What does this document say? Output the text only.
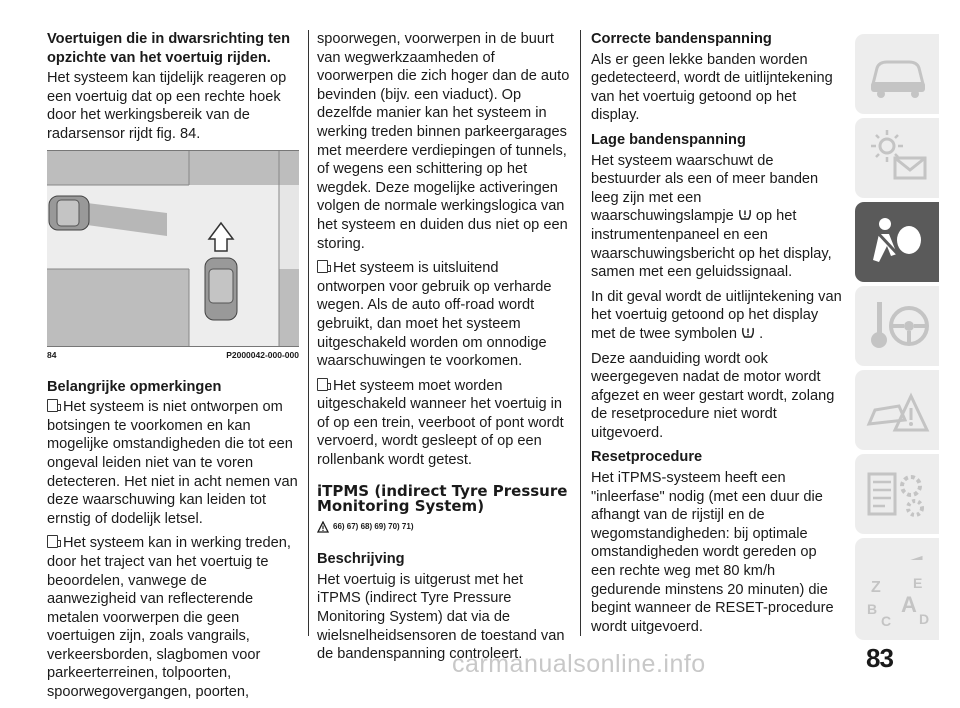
Voertuigen die in dwarsrichting ten opzichte van het voertuig rijden.

Het systeem kan tijdelijk reageren op een voertuig dat op een rechte hoek door het werkingsbereik van de radarsensor rijdt fig. 84.

84	P2000042-000-000
Belangrijke opmerkingen

Het systeem is niet ontworpen om botsingen te voorkomen en kan mogelijke omstandigheden die tot een ongeval leiden niet van te voren detecteren. Het niet in acht nemen van deze waarschuwing kan leiden tot ernstig of dodelijk letsel.

Het systeem kan in werking treden, door het traject van het voertuig te beoordelen, vanwege de aanwezigheid van reflecterende metalen voorwerpen die geen voertuigen zijn, zoals vangrails, verkeersborden, slagbomen voor parkeerterreinen, tolpoorten, spoorwegovergangen, poorten,

spoorwegen, voorwerpen in de buurt van wegwerkzaamheden of voorwerpen die zich hoger dan de auto bevinden (bijv. een viaduct). Op dezelfde manier kan het systeem in werking treden binnen parkeergarages met meerdere verdiepingen of tunnels, of wegens een schittering op het wegdek. Deze mogelijke activeringen volgen de normale werkingslogica van het systeem en duiden dus niet op een storing.

Het systeem is uitsluitend ontworpen voor gebruik op verharde wegen. Als de auto off-road wordt gebruikt, dan moet het systeem uitgeschakeld worden om onnodige waarschuwingen te voorkomen.

Het systeem moet worden uitgeschakeld wanneer het voertuig in of op een trein, veerboot of pont wordt vervoerd, wordt gesleept of op een rollenbank wordt getest.

iTPMS (indirect Tyre Pressure Monitoring System)
66) 67) 68) 69) 70) 71)
Beschrijving

Het voertuig is uitgerust met het iTPMS (indirect Tyre Pressure Monitoring System) dat via de wielsnelheidsensoren de toestand van de bandenspanning controleert.

Correcte bandenspanning

Als er geen lekke banden worden gedetecteerd, wordt de uitlijntekening van het voertuig getoond op het display.

Lage bandenspanning

Het systeem waarschuwt de bestuurder als een of meer banden leeg zijn met een waarschuwingslampje op het instrumentenpaneel en een waarschuwingsbericht op het display, samen met een geluidssignaal.

In dit geval wordt de uitlijntekening van het voertuig getoond op het display met de twee symbolen .

Deze aanduiding wordt ook weergegeven nadat de motor wordt afgezet en weer gestart wordt, zolang de resetprocedure niet wordt uitgevoerd.

Resetprocedure

Het iTPMS-systeem heeft een "inleerfase" nodig (met een duur die afhangt van de rijstijl en de wegomstandigheden: bij optimale omstandigheden wordt gereden op een rechte weg met 80 km/h gedurende minstens 20 minuten) die begint wanneer de RESET-procedure wordt uitgevoerd.

Z E
B A
C D
carmanualsonline.info	83
